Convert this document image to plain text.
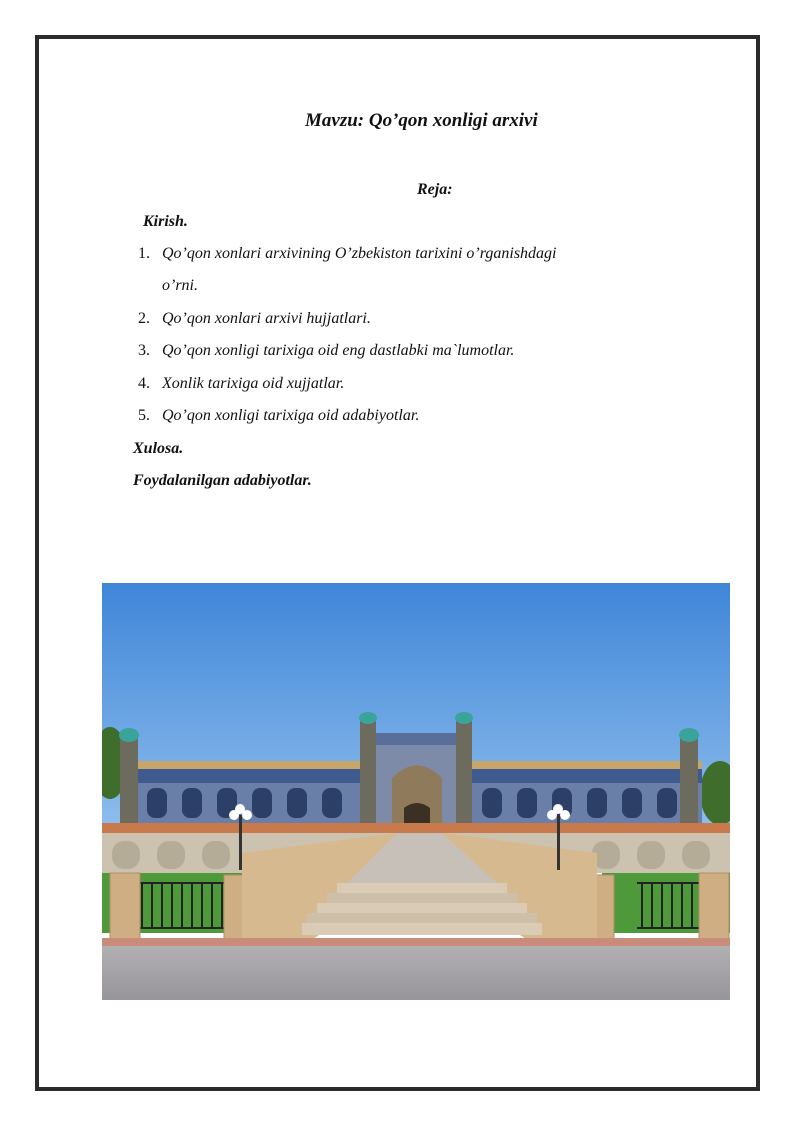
Mavzu: Qo’qon xonligi arxivi
Reja:
Kirish.
1. Qo’qon xonlari arxivining O’zbekiston tarixini o’rganishdagi
o’rni.
2. Qo’qon xonlari arxivi hujjatlari.
3. Qo’qon xonligi tarixiga oid eng dastlabki ma`lumotlar.
4. Xonlik tarixiga oid xujjatlar.
5. Qo’qon xonligi tarixiga oid adabiyotlar.
Xulosa.
Foydalanilgan adabiyotlar.
